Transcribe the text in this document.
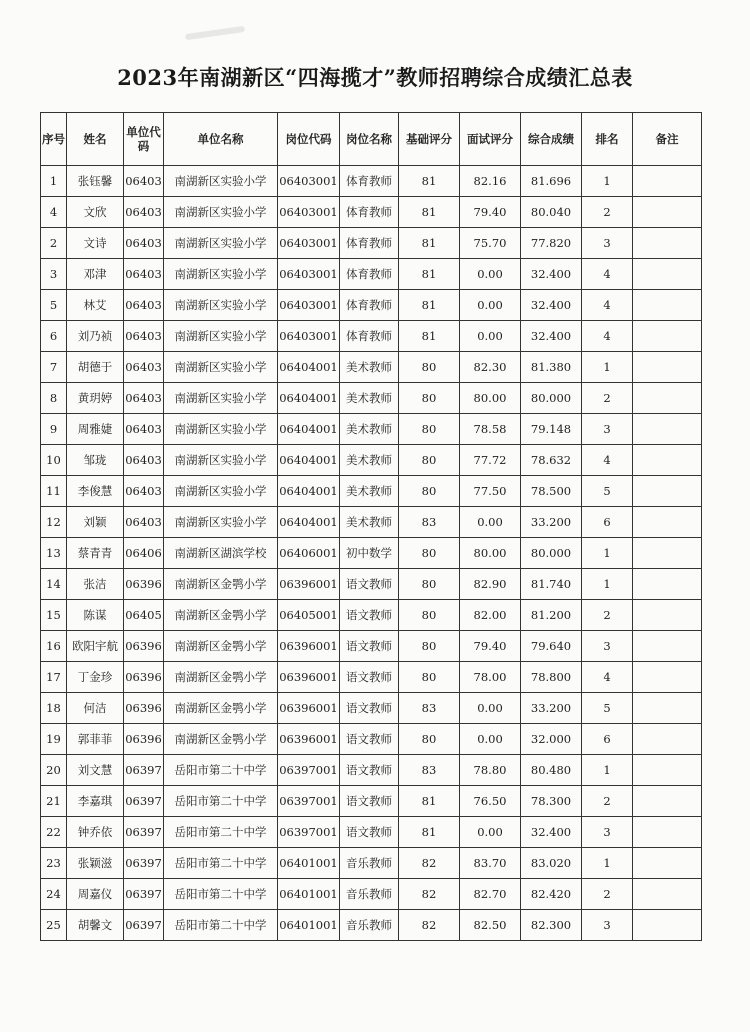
2023年南湖新区“四海揽才”教师招聘综合成绩汇总表
序号	姓名	单位代码	单位名称	岗位代码	岗位名称	基础评分	面试评分	综合成绩	排名	备注
1	张钰馨	06403	南湖新区实验小学	06403001	体育教师	81	82.16	81.696	1	
4	文欣	06403	南湖新区实验小学	06403001	体育教师	81	79.40	80.040	2	
2	文诗	06403	南湖新区实验小学	06403001	体育教师	81	75.70	77.820	3	
3	邓津	06403	南湖新区实验小学	06403001	体育教师	81	0.00	32.400	4	
5	林艾	06403	南湖新区实验小学	06403001	体育教师	81	0.00	32.400	4	
6	刘乃祯	06403	南湖新区实验小学	06403001	体育教师	81	0.00	32.400	4	
7	胡德于	06403	南湖新区实验小学	06404001	美术教师	80	82.30	81.380	1	
8	黄玥婷	06403	南湖新区实验小学	06404001	美术教师	80	80.00	80.000	2	
9	周雅婕	06403	南湖新区实验小学	06404001	美术教师	80	78.58	79.148	3	
10	邹珑	06403	南湖新区实验小学	06404001	美术教师	80	77.72	78.632	4	
11	李俊慧	06403	南湖新区实验小学	06404001	美术教师	80	77.50	78.500	5	
12	刘颖	06403	南湖新区实验小学	06404001	美术教师	83	0.00	33.200	6	
13	蔡青青	06406	南湖新区湖滨学校	06406001	初中数学	80	80.00	80.000	1	
14	张洁	06396	南湖新区金鹗小学	06396001	语文教师	80	82.90	81.740	1	
15	陈谋	06405	南湖新区金鹗小学	06405001	语文教师	80	82.00	81.200	2	
16	欧阳宇航	06396	南湖新区金鹗小学	06396001	语文教师	80	79.40	79.640	3	
17	丁金珍	06396	南湖新区金鹗小学	06396001	语文教师	80	78.00	78.800	4	
18	何洁	06396	南湖新区金鹗小学	06396001	语文教师	83	0.00	33.200	5	
19	郭菲菲	06396	南湖新区金鹗小学	06396001	语文教师	80	0.00	32.000	6	
20	刘文慧	06397	岳阳市第二十中学	06397001	语文教师	83	78.80	80.480	1	
21	李嘉琪	06397	岳阳市第二十中学	06397001	语文教师	81	76.50	78.300	2	
22	钟乔依	06397	岳阳市第二十中学	06397001	语文教师	81	0.00	32.400	3	
23	张颖滋	06397	岳阳市第二十中学	06401001	音乐教师	82	83.70	83.020	1	
24	周嘉仪	06397	岳阳市第二十中学	06401001	音乐教师	82	82.70	82.420	2	
25	胡馨文	06397	岳阳市第二十中学	06401001	音乐教师	82	82.50	82.300	3	
